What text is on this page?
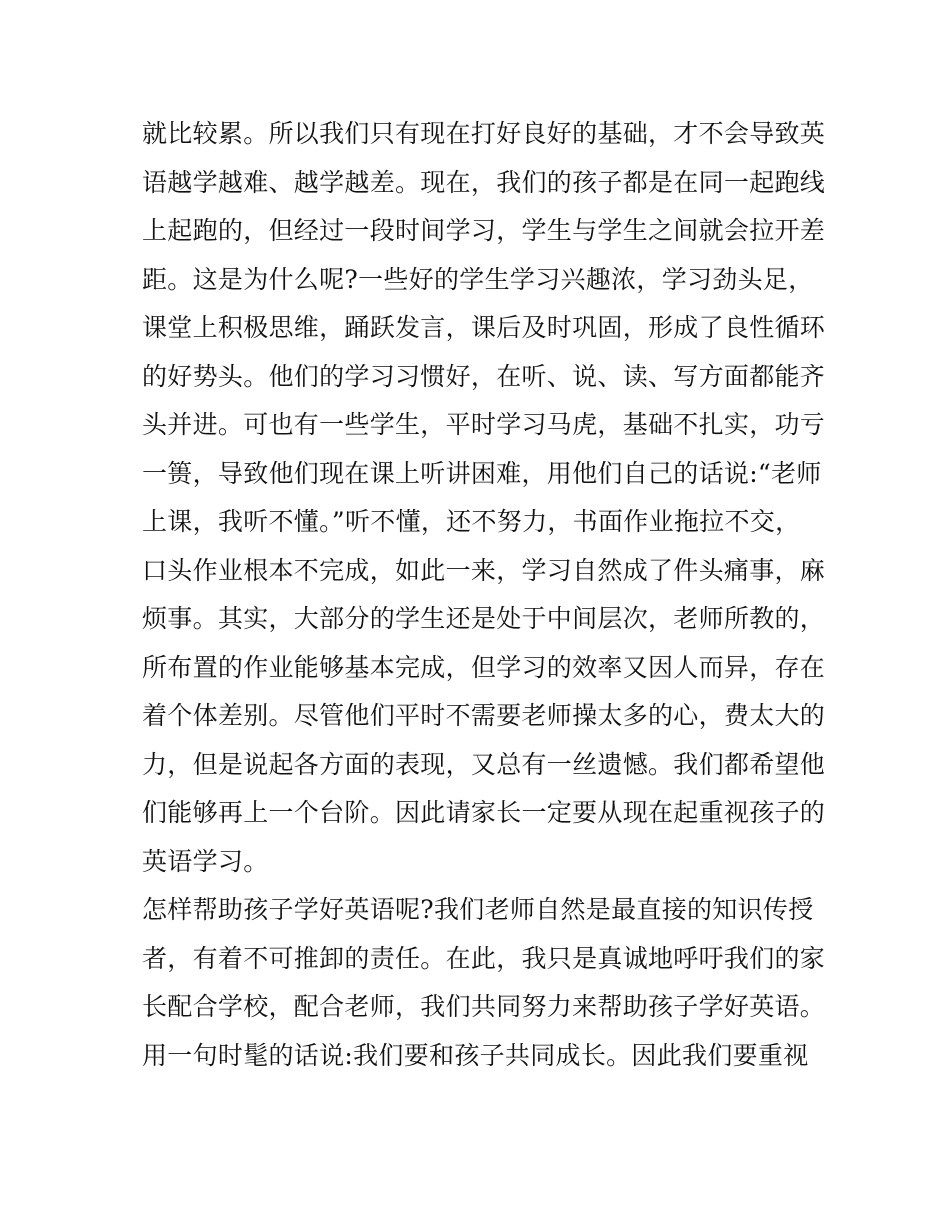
就比较累。所以我们只有现在打好良好的基础，才不会导致英
语越学越难、越学越差。现在，我们的孩子都是在同一起跑线
上起跑的，但经过一段时间学习，学生与学生之间就会拉开差
距。这是为什么呢?一些好的学生学习兴趣浓，学习劲头足，
课堂上积极思维，踊跃发言，课后及时巩固，形成了良性循环
的好势头。他们的学习习惯好，在听、说、读、写方面都能齐
头并进。可也有一些学生，平时学习马虎，基础不扎实，功亏
一篑，导致他们现在课上听讲困难，用他们自己的话说:“老师
上课，我听不懂。”听不懂，还不努力，书面作业拖拉不交，
口头作业根本不完成，如此一来，学习自然成了件头痛事，麻
烦事。其实，大部分的学生还是处于中间层次，老师所教的，
所布置的作业能够基本完成，但学习的效率又因人而异，存在
着个体差别。尽管他们平时不需要老师操太多的心，费太大的
力，但是说起各方面的表现，又总有一丝遗憾。我们都希望他
们能够再上一个台阶。因此请家长一定要从现在起重视孩子的
英语学习。
怎样帮助孩子学好英语呢?我们老师自然是最直接的知识传授
者，有着不可推卸的责任。在此，我只是真诚地呼吁我们的家
长配合学校，配合老师，我们共同努力来帮助孩子学好英语。
用一句时髦的话说:我们要和孩子共同成长。因此我们要重视
